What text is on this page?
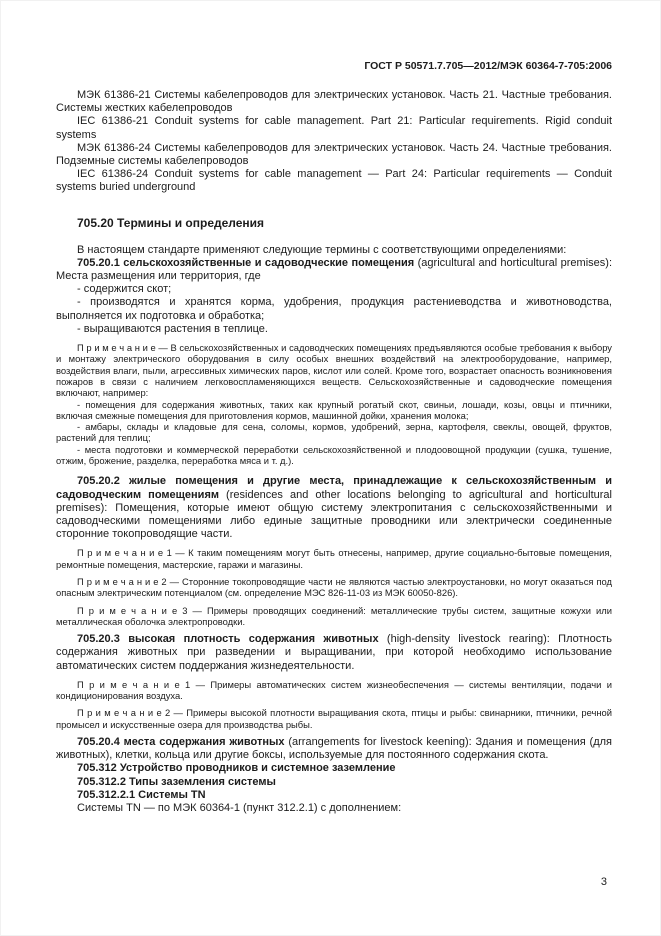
ГОСТ Р 50571.7.705—2012/МЭК 60364-7-705:2006

МЭК 61386-21 Системы кабелепроводов для электрических установок. Часть 21. Частные требования. Системы жестких кабелепроводов

IEC 61386-21 Conduit systems for cable management. Part 21: Particular requirements. Rigid conduit systems

МЭК 61386-24 Системы кабелепроводов для электрических установок. Часть 24. Частные требования. Подземные системы кабелепроводов

IEC 61386-24 Conduit systems for cable management — Part 24: Particular requirements — Conduit systems buried underground

705.20 Термины и определения

В настоящем стандарте применяют следующие термины с соответствующими определениями:

705.20.1 сельскохозяйственные и садоводческие помещения (agricultural and horticultural premises): Места размещения или территория, где

- содержится скот;

- производятся и хранятся корма, удобрения, продукция растениеводства и животноводства, выполняется их подготовка и обработка;

- выращиваются растения в теплице.

П р и м е ч а н и е — В сельскохозяйственных и садоводческих помещениях предъявляются особые требования к выбору и монтажу электрического оборудования в силу особых внешних воздействий на электрооборудование, например, воздействия влаги, пыли, агрессивных химических паров, кислот или солей. Кроме того, возрастает опасность возникновения пожаров в связи с наличием легковоспламеняющихся веществ. Сельскохозяйственные и садоводческие помещения включают, например:

- помещения для содержания животных, таких как крупный рогатый скот, свиньи, лошади, козы, овцы и птичники, включая смежные помещения для приготовления кормов, машинной дойки, хранения молока;

- амбары, склады и кладовые для сена, соломы, кормов, удобрений, зерна, картофеля, свеклы, овощей, фруктов, растений для теплиц;

- места подготовки и коммерческой переработки сельскохозяйственной и плодоовощной продукции (сушка, тушение, отжим, брожение, разделка, переработка мяса и т. д.).

705.20.2 жилые помещения и другие места, принадлежащие к сельскохозяйственным и садоводческим помещениям (residences and other locations belonging to agricultural and horticultural premises): Помещения, которые имеют общую систему электропитания с сельскохозяйственными и садоводческими помещениями либо единые защитные проводники или электрически соединенные сторонние токопроводящие части.

П р и м е ч а н и е 1 — К таким помещениям могут быть отнесены, например, другие социально-бытовые помещения, ремонтные помещения, мастерские, гаражи и магазины.

П р и м е ч а н и е 2 — Сторонние токопроводящие части не являются частью электроустановки, но могут оказаться под опасным электрическим потенциалом (см. определение МЭС 826-11-03 из МЭК 60050-826).

П р и м е ч а н и е 3 — Примеры проводящих соединений: металлические трубы систем, защитные кожухи или металлическая оболочка электропроводки.

705.20.3 высокая плотность содержания животных (high-density livestock rearing): Плотность содержания животных при разведении и выращивании, при которой необходимо использование автоматических систем поддержания жизнедеятельности.

П р и м е ч а н и е 1 — Примеры автоматических систем жизнеобеспечения — системы вентиляции, подачи и кондиционирования воздуха.

П р и м е ч а н и е 2 — Примеры высокой плотности выращивания скота, птицы и рыбы: свинарники, птичники, речной промысел и искусственные озера для производства рыбы.

705.20.4 места содержания животных (arrangements for livestock keening): Здания и помещения (для животных), клетки, кольца или другие боксы, используемые для постоянного содержания скота.

705.312 Устройство проводников и системное заземление

705.312.2 Типы заземления системы

705.312.2.1 Системы TN

Системы TN — по МЭК 60364-1 (пункт 312.2.1) с дополнением:

3
